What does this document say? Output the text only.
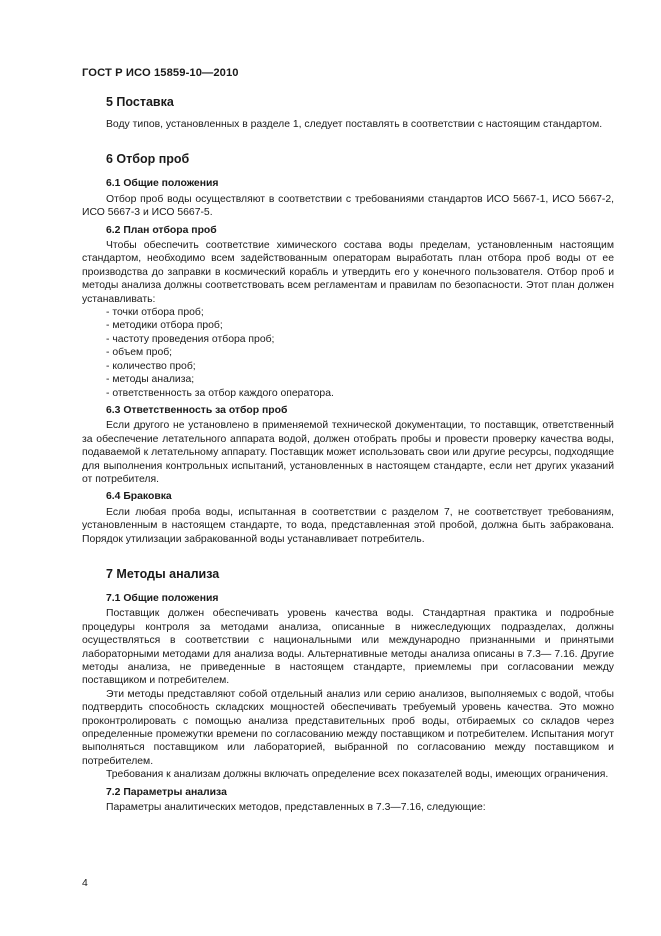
ГОСТ Р ИСО 15859-10—2010
5 Поставка

Воду типов, установленных в разделе 1, следует поставлять в соответствии с настоящим стандартом.

6 Отбор проб
6.1 Общие положения

Отбор проб воды осуществляют в соответствии с требованиями стандартов ИСО 5667-1, ИСО 5667-2, ИСО 5667-3 и ИСО 5667-5.

6.2 План отбора проб

Чтобы обеспечить соответствие химического состава воды пределам, установленным настоящим стандартом, необходимо всем задействованным операторам выработать план отбора проб воды от ее производства до заправки в космический корабль и утвердить его у конечного пользователя. Отбор проб и методы анализа должны соответствовать всем регламентам и правилам по безопасности. Этот план должен устанавливать:

- точки отбора проб;
- методики отбора проб;
- частоту проведения отбора проб;
- объем проб;
- количество проб;
- методы анализа;
- ответственность за отбор каждого оператора.
6.3 Ответственность за отбор проб

Если другого не установлено в применяемой технической документации, то поставщик, ответственный за обеспечение летательного аппарата водой, должен отобрать пробы и провести проверку качества воды, подаваемой к летательному аппарату. Поставщик может использовать свои или другие ресурсы, подходящие для выполнения контрольных испытаний, установленных в настоящем стандарте, если нет других указаний от потребителя.

6.4 Браковка

Если любая проба воды, испытанная в соответствии с разделом 7, не соответствует требованиям, установленным в настоящем стандарте, то вода, представленная этой пробой, должна быть забракована. Порядок утилизации забракованной воды устанавливает потребитель.

7 Методы анализа
7.1 Общие положения

Поставщик должен обеспечивать уровень качества воды. Стандартная практика и подробные процедуры контроля за методами анализа, описанные в нижеследующих подразделах, должны осуществляться в соответствии с национальными или международно признанными и принятыми лабораторными методами для анализа воды. Альтернативные методы анализа описаны в 7.3— 7.16. Другие методы анализа, не приведенные в настоящем стандарте, приемлемы при согласовании между поставщиком и потребителем.

Эти методы представляют собой отдельный анализ или серию анализов, выполняемых с водой, чтобы подтвердить способность складских мощностей обеспечивать требуемый уровень качества. Это можно проконтролировать с помощью анализа представительных проб воды, отбираемых со складов через определенные промежутки времени по согласованию между поставщиком и потребителем. Испытания могут выполняться поставщиком или лабораторией, выбранной по согласованию между поставщиком и потребителем.

Требования к анализам должны включать определение всех показателей воды, имеющих ограничения.

7.2 Параметры анализа

Параметры аналитических методов, представленных в 7.3—7.16, следующие:

4
